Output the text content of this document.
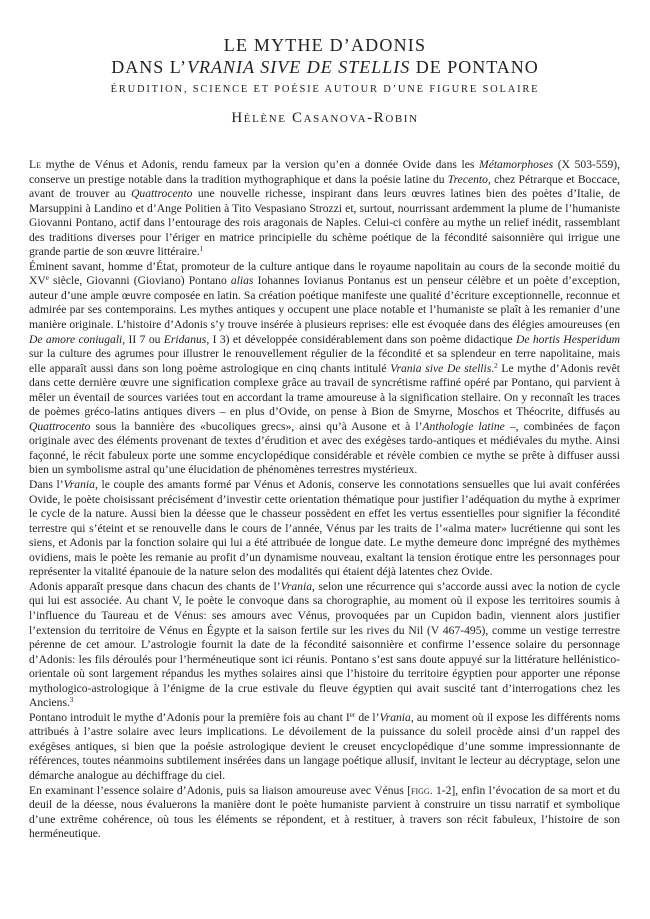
LE MYTHE D’ADONIS
DANS L’VRANIA SIVE DE STELLIS DE PONTANO
ÉRUDITION, SCIENCE ET POÉSIE AUTOUR D’UNE FIGURE SOLAIRE
Hélène Casanova-Robin

Le mythe de Vénus et Adonis, rendu fameux par la version qu’en a donnée Ovide dans les Métamorphoses (X 503-559), conserve un prestige notable dans la tradition mythographique et dans la poésie latine du Trecento, chez Pétrarque et Boccace, avant de trouver au Quattrocento une nouvelle richesse, inspirant dans leurs œuvres latines bien des poètes d’Italie, de Marsuppini à Landino et d’Ange Politien à Tito Vespasiano Strozzi et, surtout, nourrissant ardemment la plume de l’humaniste Giovanni Pontano, actif dans l’entourage des rois aragonais de Naples. Celui-ci confère au mythe un relief inédit, rassemblant des traditions diverses pour l’ériger en matrice principielle du schème poétique de la fécondité saisonnière qui irrigue une grande partie de son œuvre littéraire.$^1$

Éminent savant, homme d’État, promoteur de la culture antique dans le royaume napolitain au cours de la seconde moitié du XVe siècle, Giovanni (Gioviano) Pontano alias Iohannes Iovianus Pontanus est un penseur célèbre et un poète d’exception, auteur d’une ample œuvre composée en latin. Sa création poétique manifeste une qualité d’écriture exceptionnelle, reconnue et admirée par ses contemporains. Les mythes antiques y occupent une place notable et l’humaniste se plaît à les remanier d’une manière originale. L’histoire d’Adonis s’y trouve insérée à plusieurs reprises: elle est évoquée dans des élégies amoureuses (en De amore coniugali, II 7 ou Eridanus, I 3) et développée considérablement dans son poème didactique De hortis Hesperidum sur la culture des agrumes pour illustrer le renouvellement régulier de la fécondité et sa splendeur en terre napolitaine, mais elle apparaît aussi dans son long poème astrologique en cinq chants intitulé Vrania sive De stellis.$^2$ Le mythe d’Adonis revêt dans cette dernière œuvre une signification complexe grâce au travail de syncrétisme raffiné opéré par Pontano, qui parvient à mêler un éventail de sources variées tout en accordant la trame amoureuse à la signification stellaire. On y reconnaît les traces de poèmes gréco-latins antiques divers – en plus d’Ovide, on pense à Bion de Smyrne, Moschos et Théocrite, diffusés au Quattrocento sous la bannière des «bucoliques grecs», ainsi qu’à Ausone et à l’Anthologie latine –, combinées de façon originale avec des éléments provenant de textes d’érudition et avec des exégèses tardo-antiques et médiévales du mythe. Ainsi façonné, le récit fabuleux porte une somme encyclopédique considérable et révèle combien ce mythe se prête à diffuser aussi bien un symbolisme astral qu’une élucidation de phénomènes terrestres mystérieux.

Dans l’Vrania, le couple des amants formé par Vénus et Adonis, conserve les connotations sensuelles que lui avait conférées Ovide, le poète choisissant précisément d’investir cette orientation thématique pour justifier l’adéquation du mythe à exprimer le cycle de la nature. Aussi bien la déesse que le chasseur possèdent en effet les vertus essentielles pour signifier la fécondité terrestre qui s’éteint et se renouvelle dans le cours de l’année, Vénus par les traits de l’«alma mater» lucrétienne qui sont les siens, et Adonis par la fonction solaire qui lui a été attribuée de longue date. Le mythe demeure donc imprégné des mythèmes ovidiens, mais le poète les remanie au profit d’un dynamisme nouveau, exaltant la tension érotique entre les personnages pour représenter la vitalité épanouie de la nature selon des modalités qui étaient déjà latentes chez Ovide.

Adonis apparaît presque dans chacun des chants de l’Vrania, selon une récurrence qui s’accorde aussi avec la notion de cycle qui lui est associée. Au chant V, le poète le convoque dans sa chorographie, au moment où il expose les territoires soumis à l’influence du Taureau et de Vénus: ses amours avec Vénus, provoquées par un Cupidon badin, viennent alors justifier l’extension du territoire de Vénus en Égypte et la saison fertile sur les rives du Nil (V 467-495), comme un vestige terrestre pérenne de cet amour. L’astrologie fournit la date de la fécondité saisonnière et confirme l’essence solaire du personnage d’Adonis: les fils déroulés pour l’herméneutique sont ici réunis. Pontano s’est sans doute appuyé sur la littérature hellénistico-orientale où sont largement répandus les mythes solaires ainsi que l’histoire du territoire égyptien pour apporter une réponse mythologico-astrologique à l’énigme de la crue estivale du fleuve égyptien qui avait suscité tant d’interrogations chez les Anciens.$^3$

Pontano introduit le mythe d’Adonis pour la première fois au chant Ier de l’Vrania, au moment où il expose les différents noms attribués à l’astre solaire avec leurs implications. Le dévoilement de la puissance du soleil procède ainsi d’un rappel des exégèses antiques, si bien que la poésie astrologique devient le creuset encyclopédique d’une somme impressionnante de références, toutes néanmoins subtilement insérées dans un langage poétique allusif, invitant le lecteur au décryptage, selon une démarche analogue au déchiffrage du ciel.

En examinant l’essence solaire d’Adonis, puis sa liaison amoureuse avec Vénus [figg. 1-2], enfin l’évocation de sa mort et du deuil de la déesse, nous évaluerons la manière dont le poète humaniste parvient à construire un tissu narratif et symbolique d’une extrême cohérence, où tous les éléments se répondent, et à restituer, à travers son récit fabuleux, l’histoire de son herméneutique.
